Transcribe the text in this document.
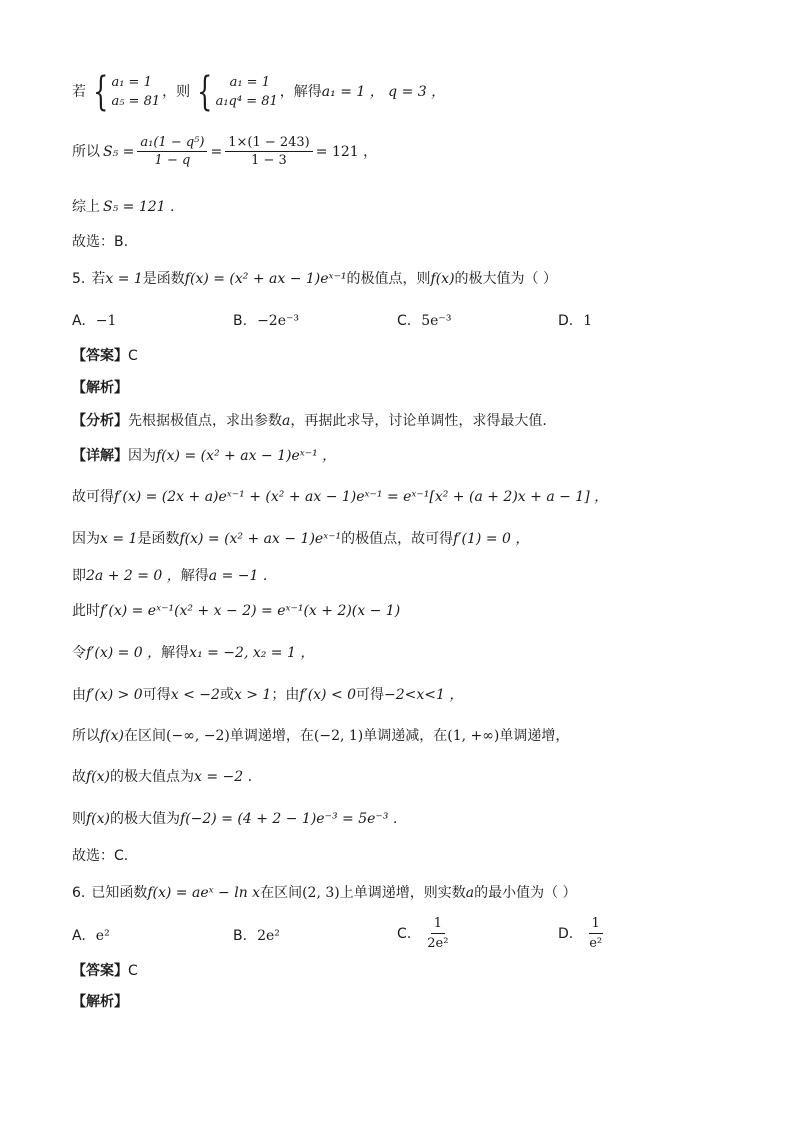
若 { a₁ = 1
a₅ = 81
，则 {	a₁ = 1
a₁q⁴ = 81
，解得 a₁ = 1 ， q = 3 ，
所以 $S_5 = \frac{\text{a₁(1 − q⁵)}}{1 - q} = \frac{1\times(1 - 243)}{1 - 3} = 121$ ，
综上 S₅ = 121 .
故选：B.
5. 若 x = 1 是函数 f(x) = (x² + ax − 1)eˣ⁻¹ 的极值点，则 f(x) 的极大值为（ ）
A. −1	B. −2e⁻³	C. 5e⁻³	D. 1
【答案】 C
【解析】
【分析】 先根据极值点，求出参数 a ，再据此求导，讨论单调性，求得最大值.
【详解】 因为 f(x) = (x² + ax − 1)eˣ⁻¹ ，
故可得 f′(x) = (2x + a)eˣ⁻¹ + (x² + ax − 1)eˣ⁻¹ = eˣ⁻¹[x² + (a + 2)x + a − 1] ，
因为 x = 1 是函数 f(x) = (x² + ax − 1)eˣ⁻¹ 的极值点，故可得 f′(1) = 0 ，
即 2a + 2 = 0 ， 解得 a = −1 .
此时 f′(x) = eˣ⁻¹(x² + x − 2) = eˣ⁻¹(x + 2)(x − 1)
令 f′(x) = 0 ， 解得 x₁ = −2, x₂ = 1 ，
由 f′(x) > 0 可得 x < −2 或 x > 1 ；由 f′(x) < 0 可得 −2<x<1 ，
所以 f(x) 在区间 (−∞, −2) 单调递增，在 (−2, 1) 单调递减，在 (1, +∞) 单调递增，
故 f(x) 的极大值点为 x = −2 .
则 f(x) 的极大值为 f(−2) = (4 + 2 − 1)e⁻³ = 5e⁻³ .
故选：C.
6. 已知函数 f(x) = aeˣ − ln x 在区间 (2, 3) 上单调递增，则实数 a 的最小值为（ ）
A. e²	B. 2e²	C. $\frac{1}{\text{2e²}}$	D. $\frac{1}{\text{e²}}$
【答案】 C
【解析】
